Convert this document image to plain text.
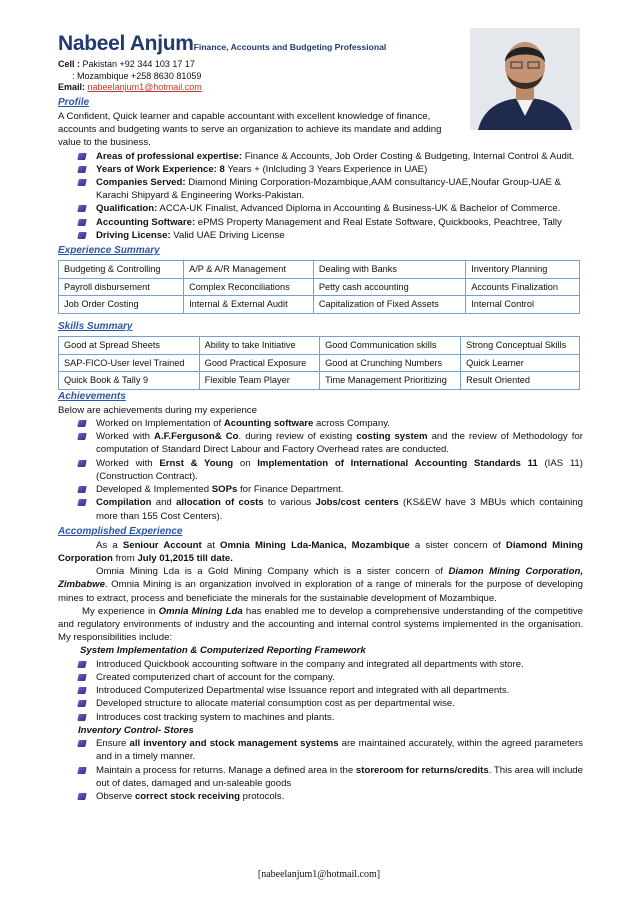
Nabeel AnjumFinance, Accounts and Budgeting Professional
Cell : Pakistan +92 344 103 17 17
: Mozambique +258 8630 81059
Email: nabeelanjum1@hotmail.com
Profile

A Confident, Quick learner and capable accountant with excellent knowledge of finance, accounts and budgeting wants to serve an organization to achieve its mandate and adding value to the business.

Areas of professional expertise: Finance & Accounts, Job Order Costing & Budgeting, Internal Control & Audit.
Years of Work Experience: 8 Years + (Inlcluding 3 Years Experience in UAE)
Companies Served: Diamond Mining Corporation-Mozambique,AAM consultancy-UAE,Noufar Group-UAE & Karachi Shipyard & Engineering Works-Pakistan.
Qualification: ACCA-UK Finalist, Advanced Diploma in Accounting & Business-UK & Bachelor of Commerce.
Accounting Software: ePMS Property Management and Real Estate Software, Quickbooks, Peachtree, Tally
Driving License: Valid UAE Driving License
Experience Summary
Budgeting & Controlling	A/P & A/R Management	Dealing with Banks	Inventory Planning
Payroll disbursement	Complex Reconciliations	Petty cash accounting	Accounts Finalization
Job Order Costing	Internal & External Audit	Capitalization of Fixed Assets	Internal Control
Skills Summary
Good at Spread Sheets	Ability to take Initiative	Good Communication skills	Strong Conceptual Skills
SAP-FICO-User level Trained	Good Practical Exposure	Good at Crunching Numbers	Quick Learner
Quick Book & Tally 9	Flexible Team Player	Time Management Prioritizing	Result Oriented
Achievements

Below are achievements during my experience

Worked on Implementation of Acounting software across Company.
Worked with A.F.Ferguson& Co. during review of existing costing system and the review of Methodology for computation of Standard Direct Labour and Factory Overhead rates are conducted.
Worked with Ernst & Young on Implementation of International Accounting Standards 11 (IAS 11) (Construction Contract).
Developed & Implemented SOPs for Finance Department.
Compilation and allocation of costs to various Jobs/cost centers (KS&EW have 3 MBUs which containing more than 155 Cost Centers).
Accomplished Experience

As a Seniour Account at Omnia Mining Lda-Manica, Mozambique a sister concern of Diamond Mining Corporation from July 01,2015 till date.

Omnia Mining Lda is a Gold Mining Company which is a sister concern of Diamon Mining Corporation, Zimbabwe. Omnia Mining is an organization involved in exploration of a range of minerals for the purpose of developing mines to extract, process and beneficiate the minerals for the sustainable development of Mozambique.

My experience in Omnia Mining Lda has enabled me to develop a comprehensive understanding of the competitive and regulatory environments of industry and the accounting and internal control systems implemented in the organisation. My responsibilities include:

System Implementation & Computerized Reporting Framework

Introduced Quickbook accounting software in the company and integrated all departments with store.
Created computerized chart of account for the company.
Introduced Computerized Departmental wise Issuance report and integrated with all departments.
Developed structure to allocate material consumption cost as per departmental wise.
Introduces cost tracking system to machines and plants.

Inventory Control- Stores

Ensure all inventory and stock management systems are maintained accurately, within the agreed parameters and in a timely manner.
Maintain a process for returns. Manage a defined area in the storeroom for returns/credits. This area will include out of dates, damaged and un-saleable goods
Observe correct stock receiving protocols.
[nabeelanjum1@hotmail.com]
